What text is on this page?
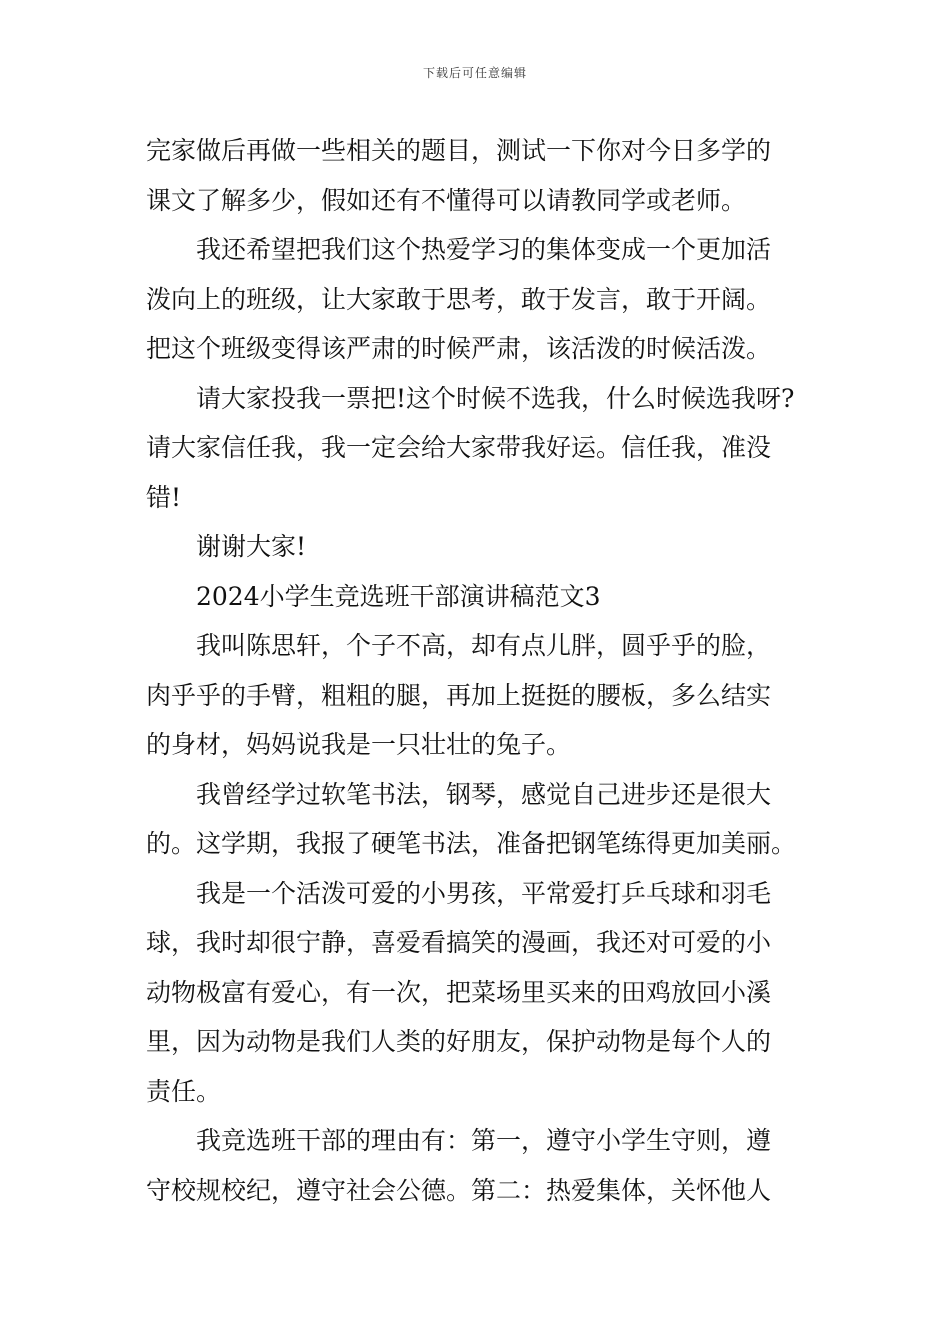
下载后可任意编辑
完家做后再做一些相关的题目，测试一下你对今日多学的
课文了解多少，假如还有不懂得可以请教同学或老师。
我还希望把我们这个热爱学习的集体变成一个更加活
泼向上的班级，让大家敢于思考，敢于发言，敢于开阔。
把这个班级变得该严肃的时候严肃，该活泼的时候活泼。
请大家投我一票把!这个时候不选我，什么时候选我呀?
请大家信任我，我一定会给大家带我好运。信任我，准没
错!
谢谢大家!
2024小学生竞选班干部演讲稿范文3
我叫陈思轩，个子不高，却有点儿胖，圆乎乎的脸，
肉乎乎的手臂，粗粗的腿，再加上挺挺的腰板，多么结实
的身材，妈妈说我是一只壮壮的兔子。
我曾经学过软笔书法，钢琴，感觉自己进步还是很大
的。这学期，我报了硬笔书法，准备把钢笔练得更加美丽。
我是一个活泼可爱的小男孩，平常爱打乒乓球和羽毛
球，我时却很宁静，喜爱看搞笑的漫画，我还对可爱的小
动物极富有爱心，有一次，把菜场里买来的田鸡放回小溪
里，因为动物是我们人类的好朋友，保护动物是每个人的
责任。
我竞选班干部的理由有：第一，遵守小学生守则，遵
守校规校纪，遵守社会公德。第二：热爱集体，关怀他人
